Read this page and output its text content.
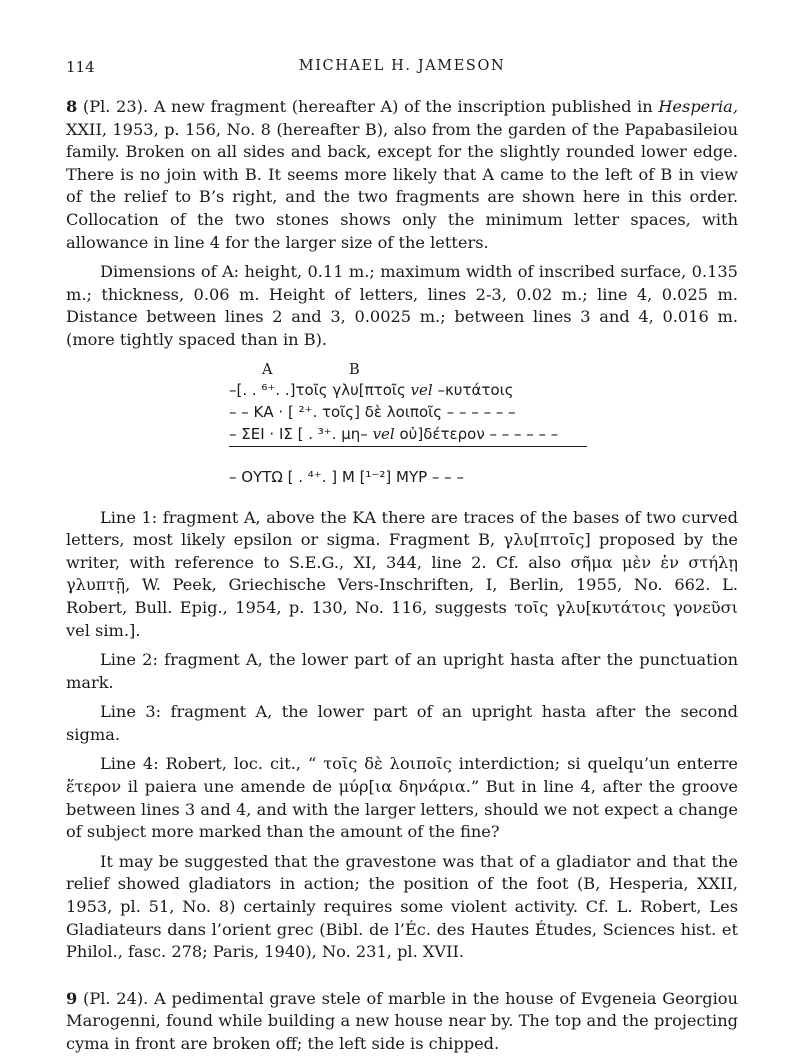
114	MICHAEL H. JAMESON

8 (Pl. 23). A new fragment (hereafter A) of the inscription published in Hesperia, XXII, 1953, p. 156, No. 8 (hereafter B), also from the garden of the Papabasileiou family. Broken on all sides and back, except for the slightly rounded lower edge. There is no join with B. It seems more likely that A came to the left of B in view of the relief to B’s right, and the two fragments are shown here in this order. Collocation of the two stones shows only the minimum letter spaces, with allowance in line 4 for the larger size of the letters.

Dimensions of A: height, 0.11 m.; maximum width of inscribed surface, 0.135 m.; thickness, 0.06 m. Height of letters, lines 2-3, 0.02 m.; line 4, 0.025 m. Distance between lines 2 and 3, 0.0025 m.; between lines 3 and 4, 0.016 m. (more tightly spaced than in B).

A	B
–[. . ⁶⁺. .]τοῖς γλυ[πτοῖς vel –κυτάτοις
– – ΚΑ · [ ²⁺. τοῖς] δὲ λοιποῖς – – – – – –
– ΣΕΙ · ΙΣ [ . ³⁺. μη– vel οὐ]δέτερον – – – – – –
– ΟΥΤΩ [ . ⁴⁺. ] Μ [¹⁻²] ΜΥΡ – – –

Line 1: fragment A, above the ΚΑ there are traces of the bases of two curved letters, most likely epsilon or sigma. Fragment B, γλυ[πτοῖς] proposed by the writer, with reference to S.E.G., XI, 344, line 2. Cf. also σῆμα μὲν ἐν στήλῃ γλυπτῇ, W. Peek, Griechische Vers-Inschriften, I, Berlin, 1955, No. 662. L. Robert, Bull. Epig., 1954, p. 130, No. 116, suggests τοῖς γλυ[κυτάτοις γονεῦσι vel sim.].

Line 2: fragment A, the lower part of an upright hasta after the punctuation mark.

Line 3: fragment A, the lower part of an upright hasta after the second sigma.

Line 4: Robert, loc. cit., “ τοῖς δὲ λοιποῖς interdiction; si quelqu’un enterre ἕτερον il paiera une amende de μύρ[ια δηνάρια.” But in line 4, after the groove between lines 3 and 4, and with the larger letters, should we not expect a change of subject more marked than the amount of the fine?

It may be suggested that the gravestone was that of a gladiator and that the relief showed gladiators in action; the position of the foot (B, Hesperia, XXII, 1953, pl. 51, No. 8) certainly requires some violent activity. Cf. L. Robert, Les Gladiateurs dans l’orient grec (Bibl. de l’Éc. des Hautes Études, Sciences hist. et Philol., fasc. 278; Paris, 1940), No. 231, pl. XVII.

9 (Pl. 24). A pedimental grave stele of marble in the house of Evgeneia Georgiou Marogenni, found while building a new house near by. The top and the projecting cyma in front are broken off; the left side is chipped.
